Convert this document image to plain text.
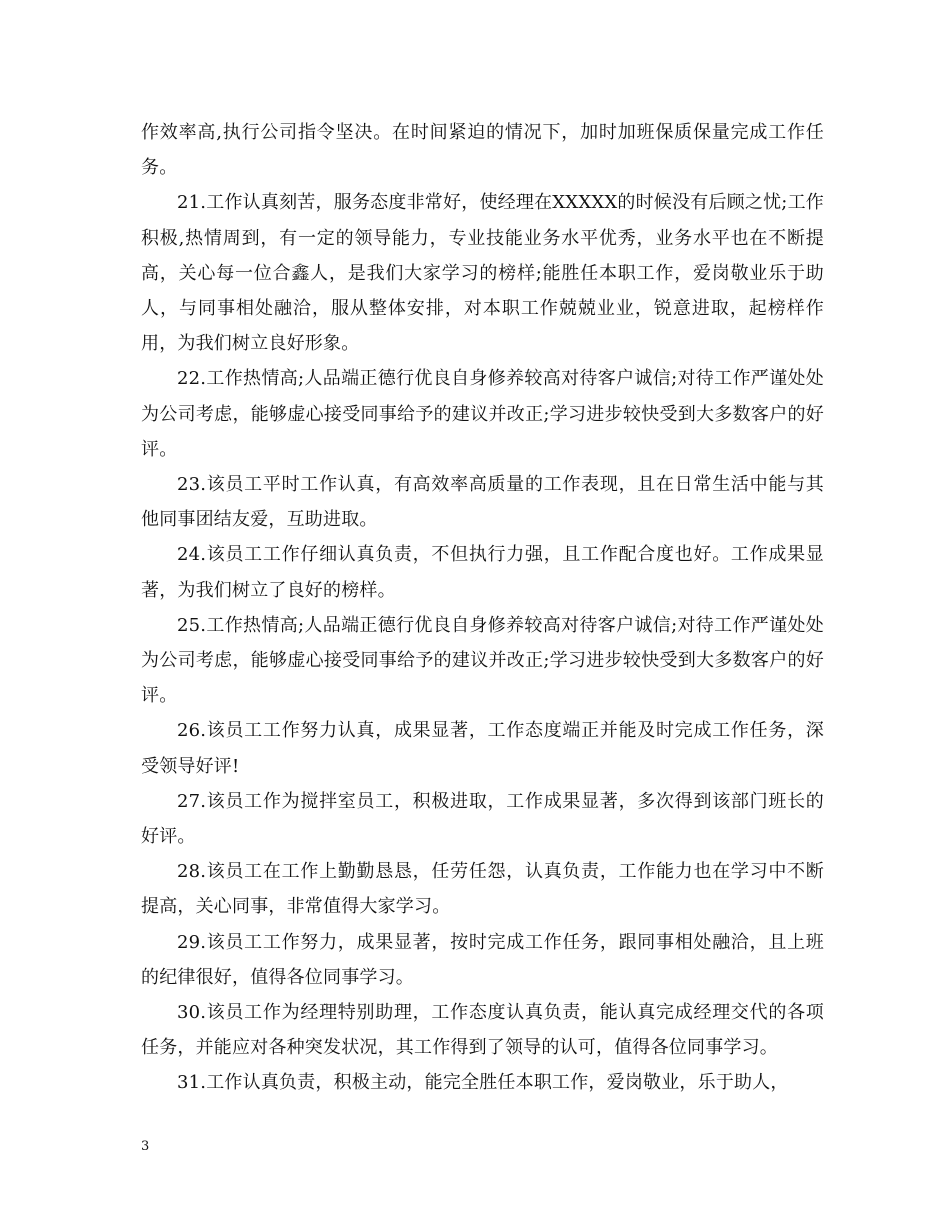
作效率高,执行公司指令坚决。在时间紧迫的情况下，加时加班保质保量完成工作任务。

21.工作认真刻苦，服务态度非常好，使经理在XXXXX的时候没有后顾之忧;工作积极,热情周到，有一定的领导能力，专业技能业务水平优秀，业务水平也在不断提高，关心每一位合鑫人，是我们大家学习的榜样;能胜任本职工作，爱岗敬业乐于助人，与同事相处融洽，服从整体安排，对本职工作兢兢业业，锐意进取，起榜样作用，为我们树立良好形象。

22.工作热情高;人品端正德行优良自身修养较高对待客户诚信;对待工作严谨处处为公司考虑，能够虚心接受同事给予的建议并改正;学习进步较快受到大多数客户的好评。

23.该员工平时工作认真，有高效率高质量的工作表现，且在日常生活中能与其他同事团结友爱，互助进取。

24.该员工工作仔细认真负责，不但执行力强，且工作配合度也好。工作成果显著，为我们树立了良好的榜样。

25.工作热情高;人品端正德行优良自身修养较高对待客户诚信;对待工作严谨处处为公司考虑，能够虚心接受同事给予的建议并改正;学习进步较快受到大多数客户的好评。

26.该员工工作努力认真，成果显著，工作态度端正并能及时完成工作任务，深受领导好评!

27.该员工作为搅拌室员工，积极进取，工作成果显著，多次得到该部门班长的好评。

28.该员工在工作上勤勤恳恳，任劳任怨，认真负责，工作能力也在学习中不断提高，关心同事，非常值得大家学习。

29.该员工工作努力，成果显著，按时完成工作任务，跟同事相处融洽，且上班的纪律很好，值得各位同事学习。

30.该员工作为经理特别助理，工作态度认真负责，能认真完成经理交代的各项任务，并能应对各种突发状况，其工作得到了领导的认可，值得各位同事学习。

31.工作认真负责，积极主动，能完全胜任本职工作，爱岗敬业，乐于助人，

3
